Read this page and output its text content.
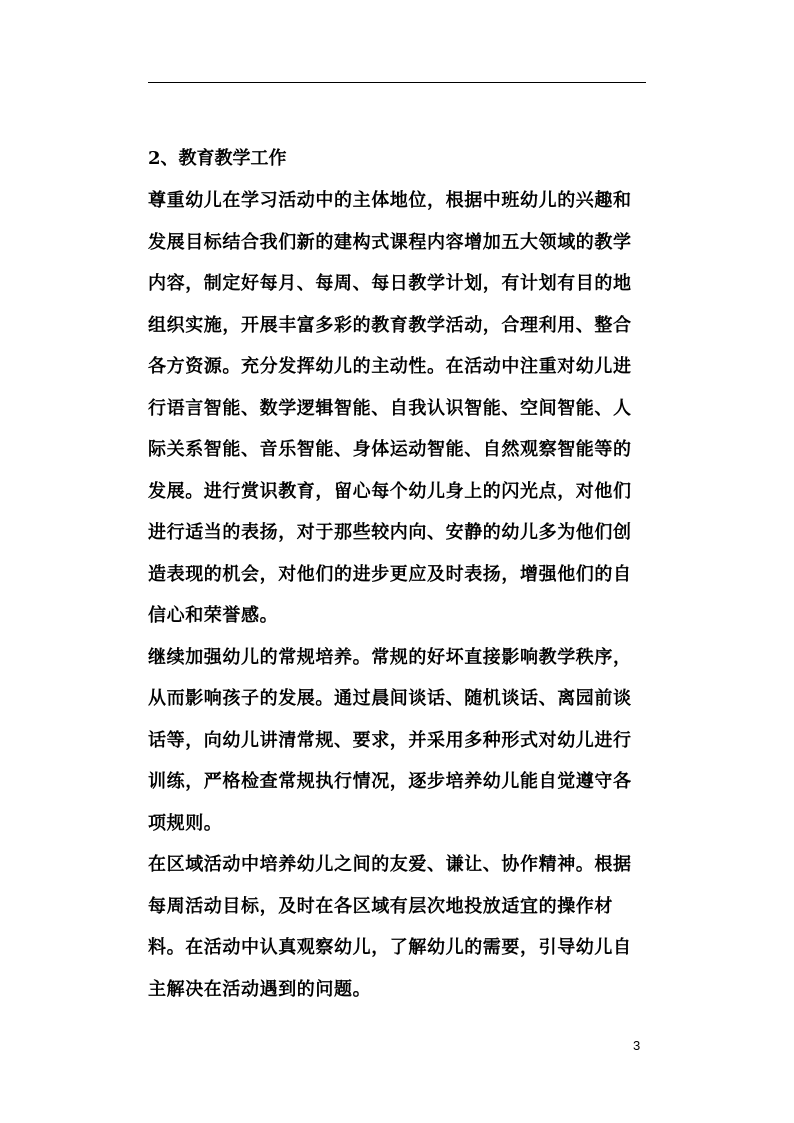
2、教育教学工作

尊重幼儿在学习活动中的主体地位，根据中班幼儿的兴趣和

发展目标结合我们新的建构式课程内容增加五大领域的教学

内容，制定好每月、每周、每日教学计划，有计划有目的地

组织实施，开展丰富多彩的教育教学活动，合理利用、整合

各方资源。充分发挥幼儿的主动性。在活动中注重对幼儿进

行语言智能、数学逻辑智能、自我认识智能、空间智能、人

际关系智能、音乐智能、身体运动智能、自然观察智能等的

发展。进行赏识教育，留心每个幼儿身上的闪光点，对他们

进行适当的表扬，对于那些较内向、安静的幼儿多为他们创

造表现的机会，对他们的进步更应及时表扬，增强他们的自

信心和荣誉感。

继续加强幼儿的常规培养。常规的好坏直接影响教学秩序，

从而影响孩子的发展。通过晨间谈话、随机谈话、离园前谈

话等，向幼儿讲清常规、要求，并采用多种形式对幼儿进行

训练，严格检查常规执行情况，逐步培养幼儿能自觉遵守各

项规则。

在区域活动中培养幼儿之间的友爱、谦让、协作精神。根据

每周活动目标，及时在各区域有层次地投放适宜的操作材

料。在活动中认真观察幼儿，了解幼儿的需要，引导幼儿自

主解决在活动遇到的问题。

3
